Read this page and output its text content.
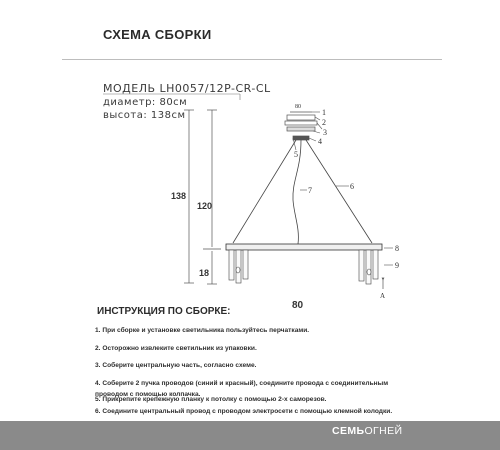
СХЕМА СБОРКИ
МОДЕЛЬ LH0057/12P-CR-CL
диаметр: 80cм
высота: 138cм
138
120
18
80
1
2
3
4
5
6
7
8
9
A
80
ИНСТРУКЦИЯ ПО СБОРКЕ:
1. При сборке и установке светильника пользуйтесь перчатками.
2. Осторожно извлеките светильник из упаковки.
3. Соберите центральную часть, согласно схеме.
4. Соберите 2 пучка проводов (синий и красный), соедините провода с соединительным
проводом с помощью колпачка.
СЕМЬОГНЕЙ
5. Прикрепите крепежную планку к потолку с помощью 2-х саморезов.
6. Соедините центральный провод с проводом электросети с помощью клемной колодки.
